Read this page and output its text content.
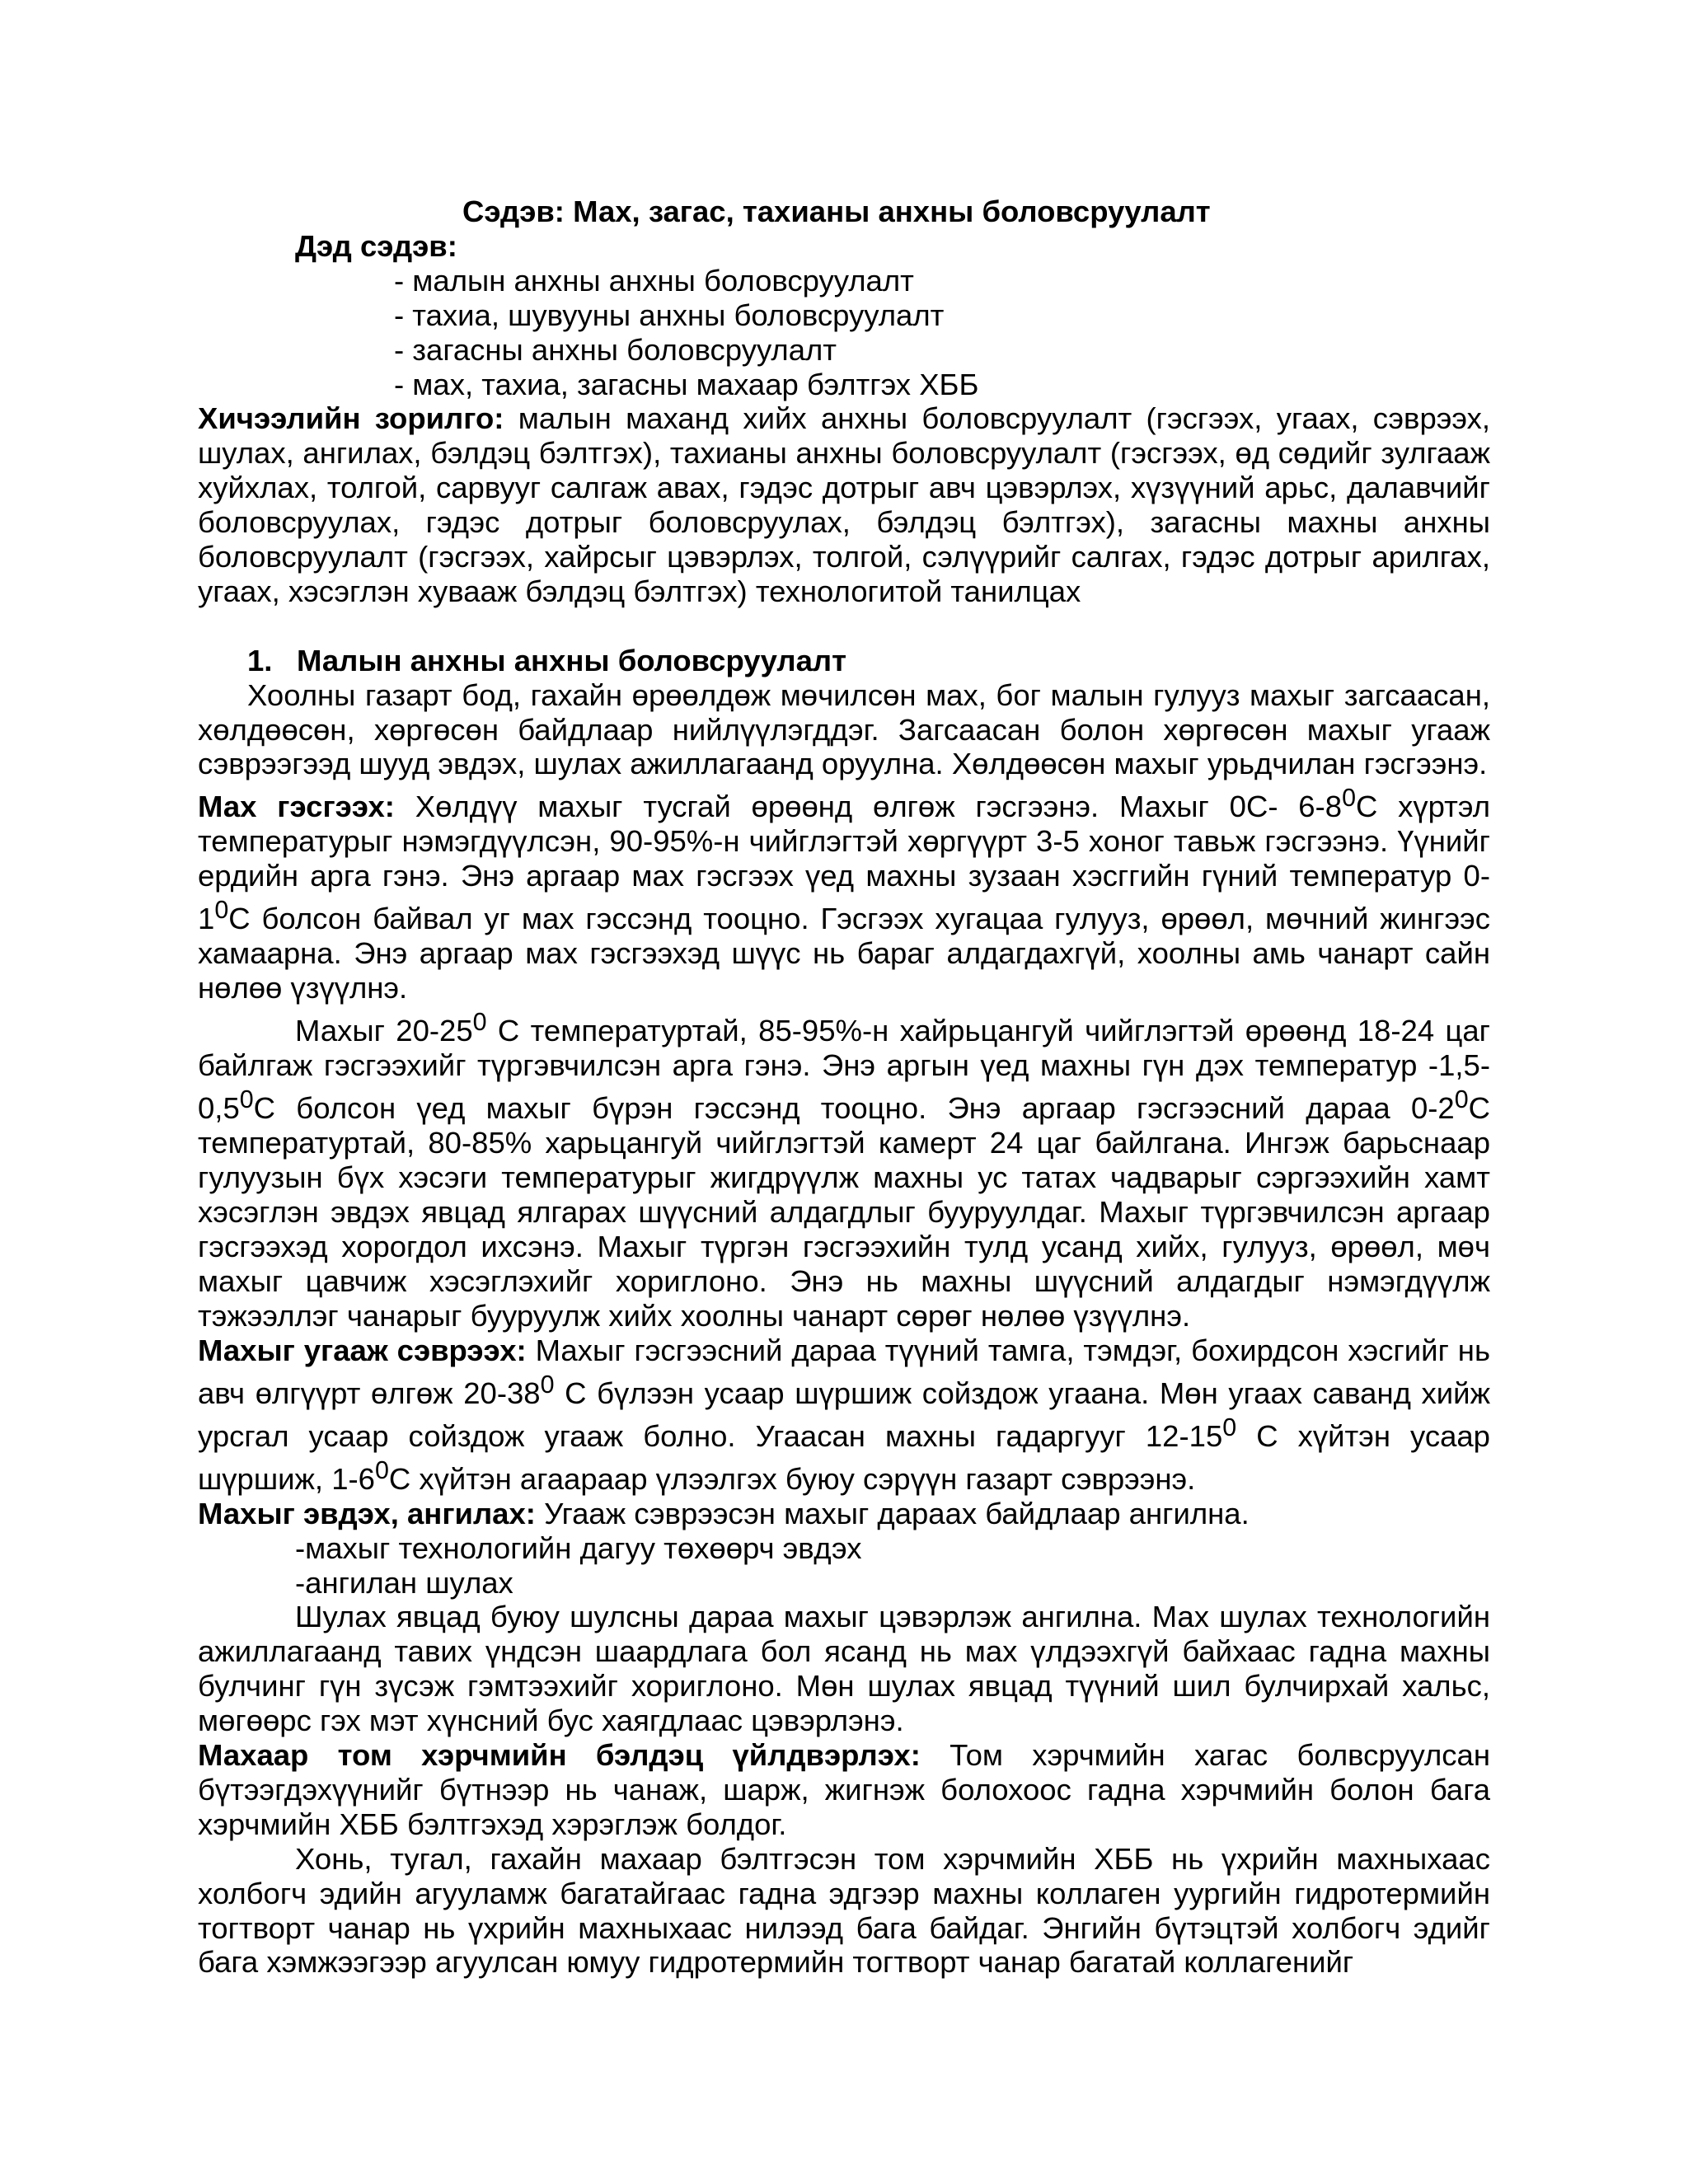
Сэдэв: Мах, загас, тахианы анхны боловсруулалт

Дэд сэдэв:

- малын анхны анхны боловсруулалт
- тахиа, шувууны анхны боловсруулалт
- загасны анхны боловсруулалт
- мах, тахиа, загасны махаар бэлтгэх ХББ

Хичээлийн зорилго: малын маханд хийх анхны боловсруулалт (гэсгээх, угаах, сэврээх, шулах, ангилах, бэлдэц бэлтгэх), тахианы анхны боловсруулалт (гэсгээх, өд сөдийг зулгааж хуйхлах, толгой, сарвууг салгаж авах, гэдэс дотрыг авч цэвэрлэх, хүзүүний арьс, далавчийг боловсруулах, гэдэс дотрыг боловсруулах, бэлдэц бэлтгэх), загасны махны анхны боловсруулалт (гэсгээх, хайрсыг цэвэрлэх, толгой, сэлүүрийг салгах, гэдэс дотрыг арилгах, угаах, хэсэглэн хувааж бэлдэц бэлтгэх) технологитой танилцах

1. Малын анхны анхны боловсруулалт

Хоолны газарт бод, гахайн өрөөлдөж мөчилсөн мах, бог малын гулууз махыг загсаасан, хөлдөөсөн, хөргөсөн байдлаар нийлүүлэгддэг. Загсаасан болон хөргөсөн махыг угааж сэврээгээд шууд эвдэх, шулах ажиллагаанд оруулна. Хөлдөөсөн махыг урьдчилан гэсгээнэ.

Мах гэсгээх: Хөлдүү махыг тусгай өрөөнд өлгөж гэсгээнэ. Махыг 0С- $6-8^0С$ хүртэл температурыг нэмэгдүүлсэн, 90-95%-н чийглэгтэй хөргүүрт 3-5 хоног тавьж гэсгээнэ. Үүнийг ердийн арга гэнэ. Энэ аргаар мах гэсгээх үед махны зузаан хэсггийн гүний температур $0-1^0С$ болсон байвал уг мах гэссэнд тооцно. Гэсгээх хугацаа гулууз, өрөөл, мөчний жингээс хамаарна. Энэ аргаар мах гэсгээхэд шүүс нь бараг алдагдахгүй, хоолны амь чанарт сайн нөлөө үзүүлнэ.

Махыг $20-25^0$ С температуртай, 85-95%-н хайрьцангуй чийглэгтэй өрөөнд 18-24 цаг байлгаж гэсгээхийг түргэвчилсэн арга гэнэ. Энэ аргын үед махны гүн дэх температур $-1,5-0,5^0С$ болсон үед махыг бүрэн гэссэнд тооцно. Энэ аргаар гэсгээсний дараа $0-2^0С$ температуртай, 80-85% харьцангуй чийглэгтэй камерт 24 цаг байлгана. Ингэж барьснаар гулуузын бүх хэсэги температурыг жигдрүүлж махны ус татах чадварыг сэргээхийн хамт хэсэглэн эвдэх явцад ялгарах шүүсний алдагдлыг бууруулдаг. Махыг түргэвчилсэн аргаар гэсгээхэд хорогдол ихсэнэ. Махыг түргэн гэсгээхийн тулд усанд хийх, гулууз, өрөөл, мөч махыг цавчиж хэсэглэхийг хориглоно. Энэ нь махны шүүсний алдагдыг нэмэгдүүлж тэжээллэг чанарыг бууруулж хийх хоолны чанарт сөрөг нөлөө үзүүлнэ.

Махыг угааж сэврээх: Махыг гэсгээсний дараа түүний тамга, тэмдэг, бохирдсон хэсгийг нь авч өлгүүрт өлгөж $20-38^0$ С бүлээн усаар шүршиж сойздож угаана. Мөн угаах саванд хийж урсгал усаар сойздож угааж болно. Угаасан махны гадаргууг $12-15^0$ С хүйтэн усаар шүршиж, $1-6^0С$ хүйтэн агаараар үлээлгэх буюу сэрүүн газарт сэврээнэ.

Махыг эвдэх, ангилах: Угааж сэврээсэн махыг дараах байдлаар ангилна.

-махыг технологийн дагуу төхөөрч эвдэх
-ангилан шулах

Шулах явцад буюу шулсны дараа махыг цэвэрлэж ангилна. Мах шулах технологийн ажиллагаанд тавих үндсэн шаардлага бол ясанд нь мах үлдээхгүй байхаас гадна махны булчинг гүн зүсэж гэмтээхийг хориглоно. Мөн шулах явцад түүний шил булчирхай хальс, мөгөөрс гэх мэт хүнсний бус хаягдлаас цэвэрлэнэ.

Махаар том хэрчмийн бэлдэц үйлдвэрлэх: Том хэрчмийн хагас болвсруулсан бүтээгдэхүүнийг бүтнээр нь чанаж, шарж, жигнэж болохоос гадна хэрчмийн болон бага хэрчмийн ХББ бэлтгэхэд хэрэглэж болдог.

Хонь, тугал, гахайн махаар бэлтгэсэн том хэрчмийн ХББ нь үхрийн махныхаас холбогч эдийн агууламж багатайгаас гадна эдгээр махны коллаген уургийн гидротермийн тогтворт чанар нь үхрийн махныхаас нилээд бага байдаг. Энгийн бүтэцтэй холбогч эдийг бага хэмжээгээр агуулсан юмуу гидротермийн тогтворт чанар багатай коллагенийг
